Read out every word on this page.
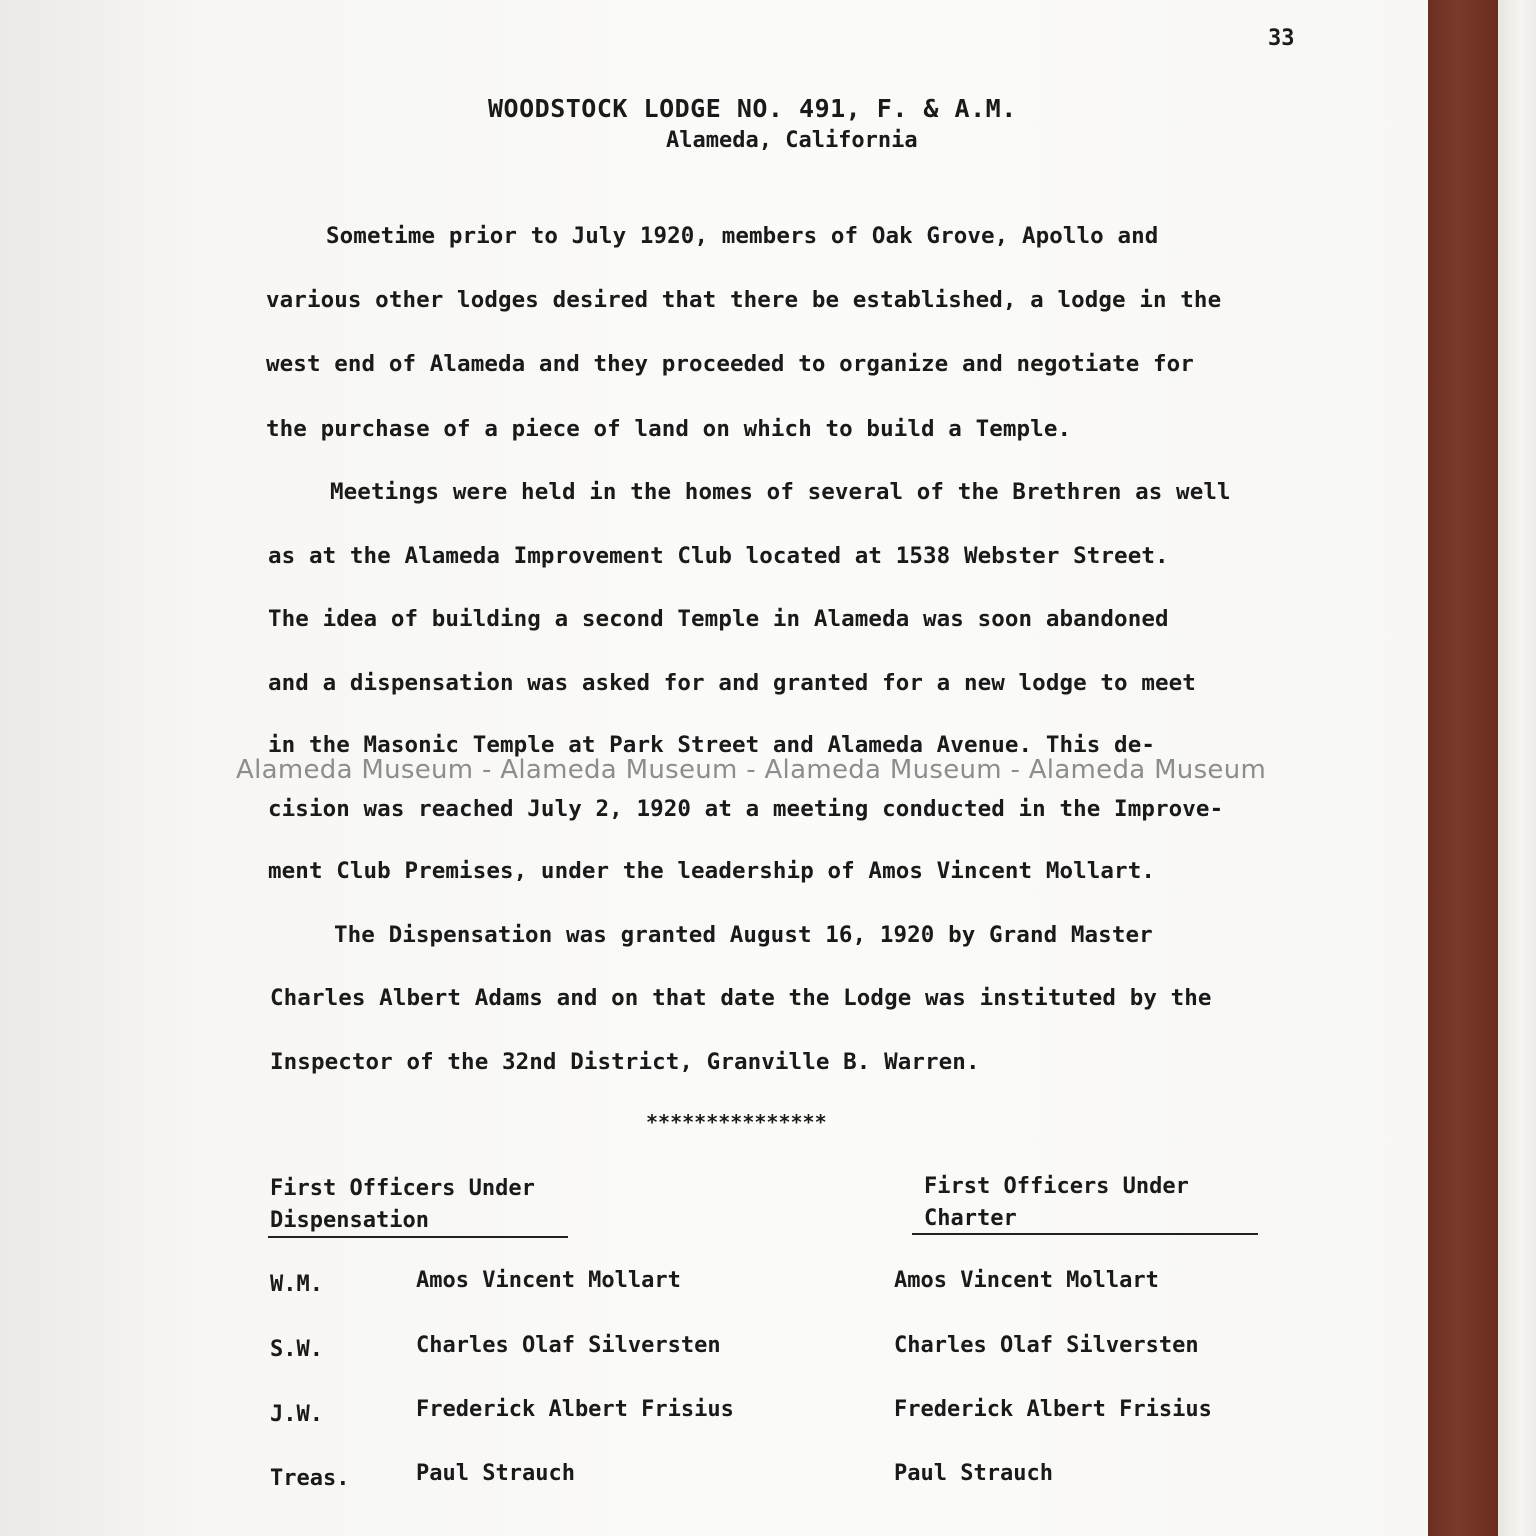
33
WOODSTOCK LODGE NO. 491, F. & A.M.
Alameda, California
Sometime prior to July 1920, members of Oak Grove, Apollo and
various other lodges desired that there be established, a lodge in the
west end of Alameda and they proceeded to organize and negotiate for
the purchase of a piece of land on which to build a Temple.
Meetings were held in the homes of several of the Brethren as well
as at the Alameda Improvement Club located at 1538 Webster Street.
The idea of building a second Temple in Alameda was soon abandoned
and a dispensation was asked for and granted for a new lodge to meet
in the Masonic Temple at Park Street and Alameda Avenue. This de-
cision was reached July 2, 1920 at a meeting conducted in the Improve-
ment Club Premises, under the leadership of Amos Vincent Mollart.
The Dispensation was granted August 16, 1920 by Grand Master
Charles Albert Adams and on that date the Lodge was instituted by the
Inspector of the 32nd District, Granville B. Warren.
***************
First Officers Under
Dispensation
First Officers Under
Charter
W.M.	Amos Vincent Mollart	Amos Vincent Mollart
S.W.	Charles Olaf Silversten	Charles Olaf Silversten
J.W.	Frederick Albert Frisius	Frederick Albert Frisius
Treas.	Paul Strauch	Paul Strauch
Alameda Museum - Alameda Museum - Alameda Museum - Alameda Museum
